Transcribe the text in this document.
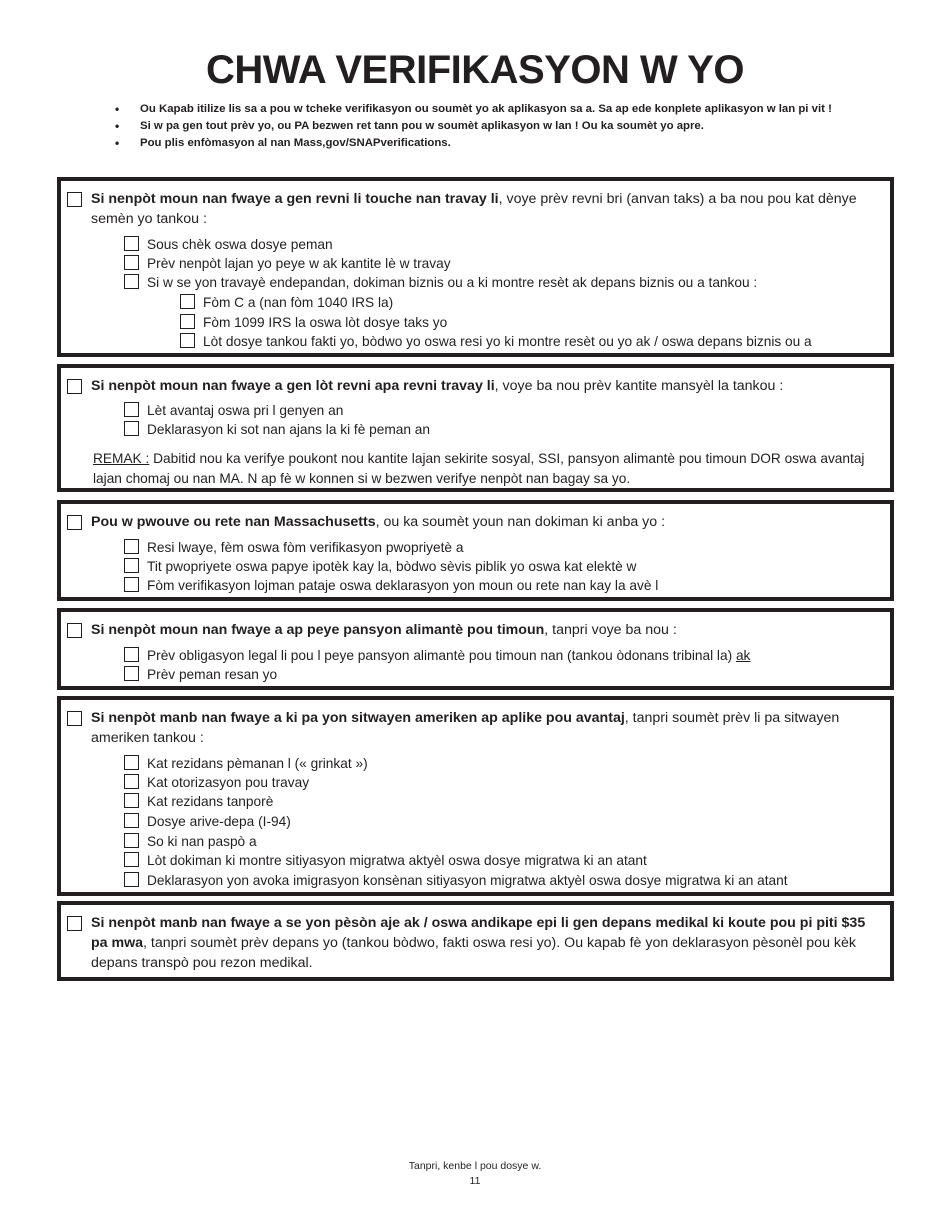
CHWA VERIFIKASYON W YO
• Ou Kapab itilize lis sa a pou w tcheke verifikasyon ou soumèt yo ak aplikasyon sa a. Sa ap ede konplete aplikasyon w lan pi vit !
• Si w pa gen tout prèv yo, ou PA bezwen ret tann pou w soumèt aplikasyon w lan ! Ou ka soumèt yo apre.
• Pou plis enfòmasyon al nan Mass,gov/SNAPverifications.

Si nenpòt moun nan fwaye a gen revni li touche nan travay li, voye prèv revni bri (anvan taks) a ba nou pou kat dènye semèn yo tankou :

Sous chèk oswa dosye peman
Prèv nenpòt lajan yo peye w ak kantite lè w travay
Si w se yon travayè endepandan, dokiman biznis ou a ki montre resèt ak depans biznis ou a tankou :
Fòm C a (nan fòm 1040 IRS la)
Fòm 1099 IRS la oswa lòt dosye taks yo
Lòt dosye tankou fakti yo, bòdwo yo oswa resi yo ki montre resèt ou yo ak / oswa depans biznis ou a

Si nenpòt moun nan fwaye a gen lòt revni apa revni travay li, voye ba nou prèv kantite mansyèl la tankou :

Lèt avantaj oswa pri l genyen an
Deklarasyon ki sot nan ajans la ki fè peman an

REMAK : Dabitid nou ka verifye poukont nou kantite lajan sekirite sosyal, SSI, pansyon alimantè pou timoun DOR oswa avantaj lajan chomaj ou nan MA. N ap fè w konnen si w bezwen verifye nenpòt nan bagay sa yo.

Pou w pwouve ou rete nan Massachusetts, ou ka soumèt youn nan dokiman ki anba yo :

Resi lwaye, fèm oswa fòm verifikasyon pwopriyetè a
Tit pwopriyete oswa papye ipotèk kay la, bòdwo sèvis piblik yo oswa kat elektè w
Fòm verifikasyon lojman pataje oswa deklarasyon yon moun ou rete nan kay la avè l

Si nenpòt moun nan fwaye a ap peye pansyon alimantè pou timoun, tanpri voye ba nou :

Prèv obligasyon legal li pou l peye pansyon alimantè pou timoun nan (tankou òdonans tribinal la) ak
Prèv peman resan yo

Si nenpòt manb nan fwaye a ki pa yon sitwayen ameriken ap aplike pou avantaj, tanpri soumèt prèv li pa sitwayen ameriken tankou :

Kat rezidans pèmanan l (« grinkat »)
Kat otorizasyon pou travay
Kat rezidans tanporè
Dosye arive-depa (I-94)
So ki nan paspò a
Lòt dokiman ki montre sitiyasyon migratwa aktyèl oswa dosye migratwa ki an atant
Deklarasyon yon avoka imigrasyon konsènan sitiyasyon migratwa aktyèl oswa dosye migratwa ki an atant

Si nenpòt manb nan fwaye a se yon pèsòn aje ak / oswa andikape epi li gen depans medikal ki koute pou pi piti $35 pa mwa, tanpri soumèt prèv depans yo (tankou bòdwo, fakti oswa resi yo). Ou kapab fè yon deklarasyon pèsonèl pou kèk depans transpò pou rezon medikal.

Tanpri, kenbe l pou dosye w.
11
